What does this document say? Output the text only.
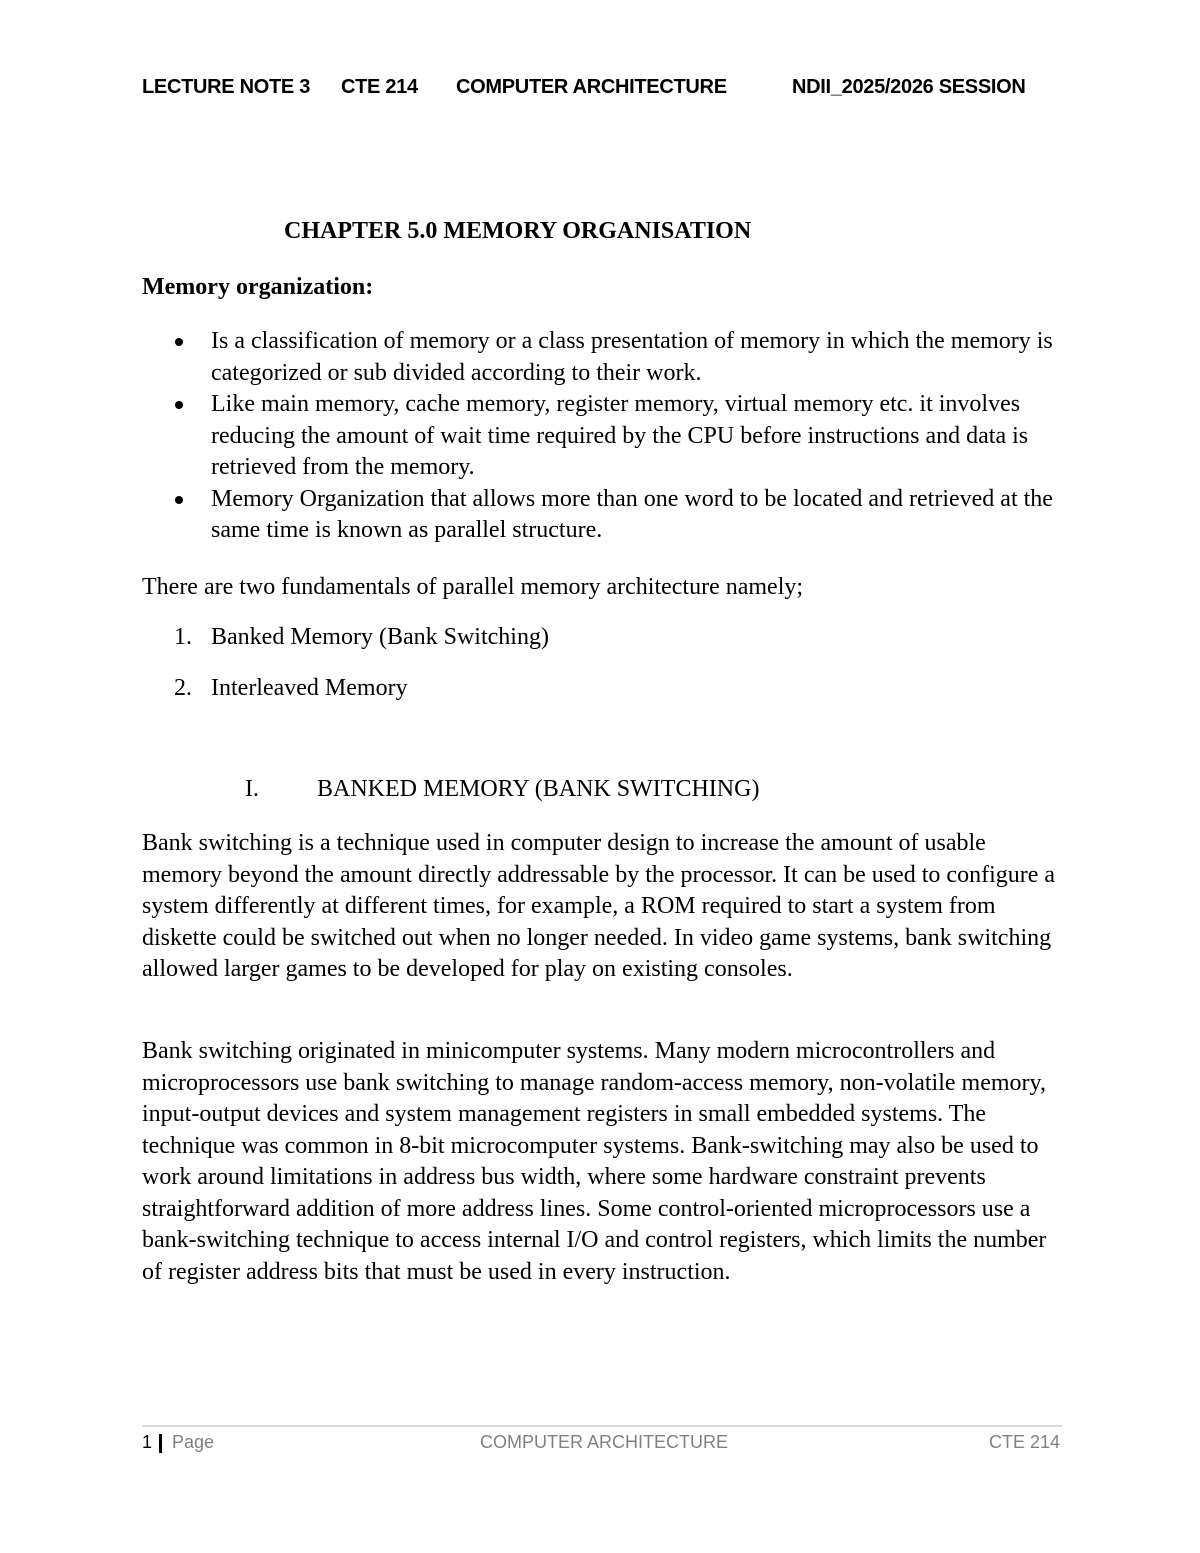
LECTURE NOTE 3 CTE 214 COMPUTER ARCHITECTURE	NDII_2025/2026 SESSION
CHAPTER 5.0 MEMORY ORGANISATION
Memory organization:
Is a classification of memory or a class presentation of memory in which the memory is categorized or sub divided according to their work.
Like main memory, cache memory, register memory, virtual memory etc. it involves reducing the amount of wait time required by the CPU before instructions and data is retrieved from the memory.
Memory Organization that allows more than one word to be located and retrieved at the same time is known as parallel structure.

There are two fundamentals of parallel memory architecture namely;

1. Banked Memory (Bank Switching)
2. Interleaved Memory
I. BANKED MEMORY (BANK SWITCHING)

Bank switching is a technique used in computer design to increase the amount of usable memory beyond the amount directly addressable by the processor. It can be used to configure a system differently at different times, for example, a ROM required to start a system from diskette could be switched out when no longer needed. In video game systems, bank switching allowed larger games to be developed for play on existing consoles.

Bank switching originated in minicomputer systems. Many modern microcontrollers and microprocessors use bank switching to manage random-access memory, non-volatile memory, input-output devices and system management registers in small embedded systems. The technique was common in 8-bit microcomputer systems. Bank-switching may also be used to work around limitations in address bus width, where some hardware constraint prevents straightforward addition of more address lines. Some control-oriented microprocessors use a bank-switching technique to access internal I/O and control registers, which limits the number of register address bits that must be used in every instruction.

1 Page	COMPUTER ARCHITECTURE	CTE 214
